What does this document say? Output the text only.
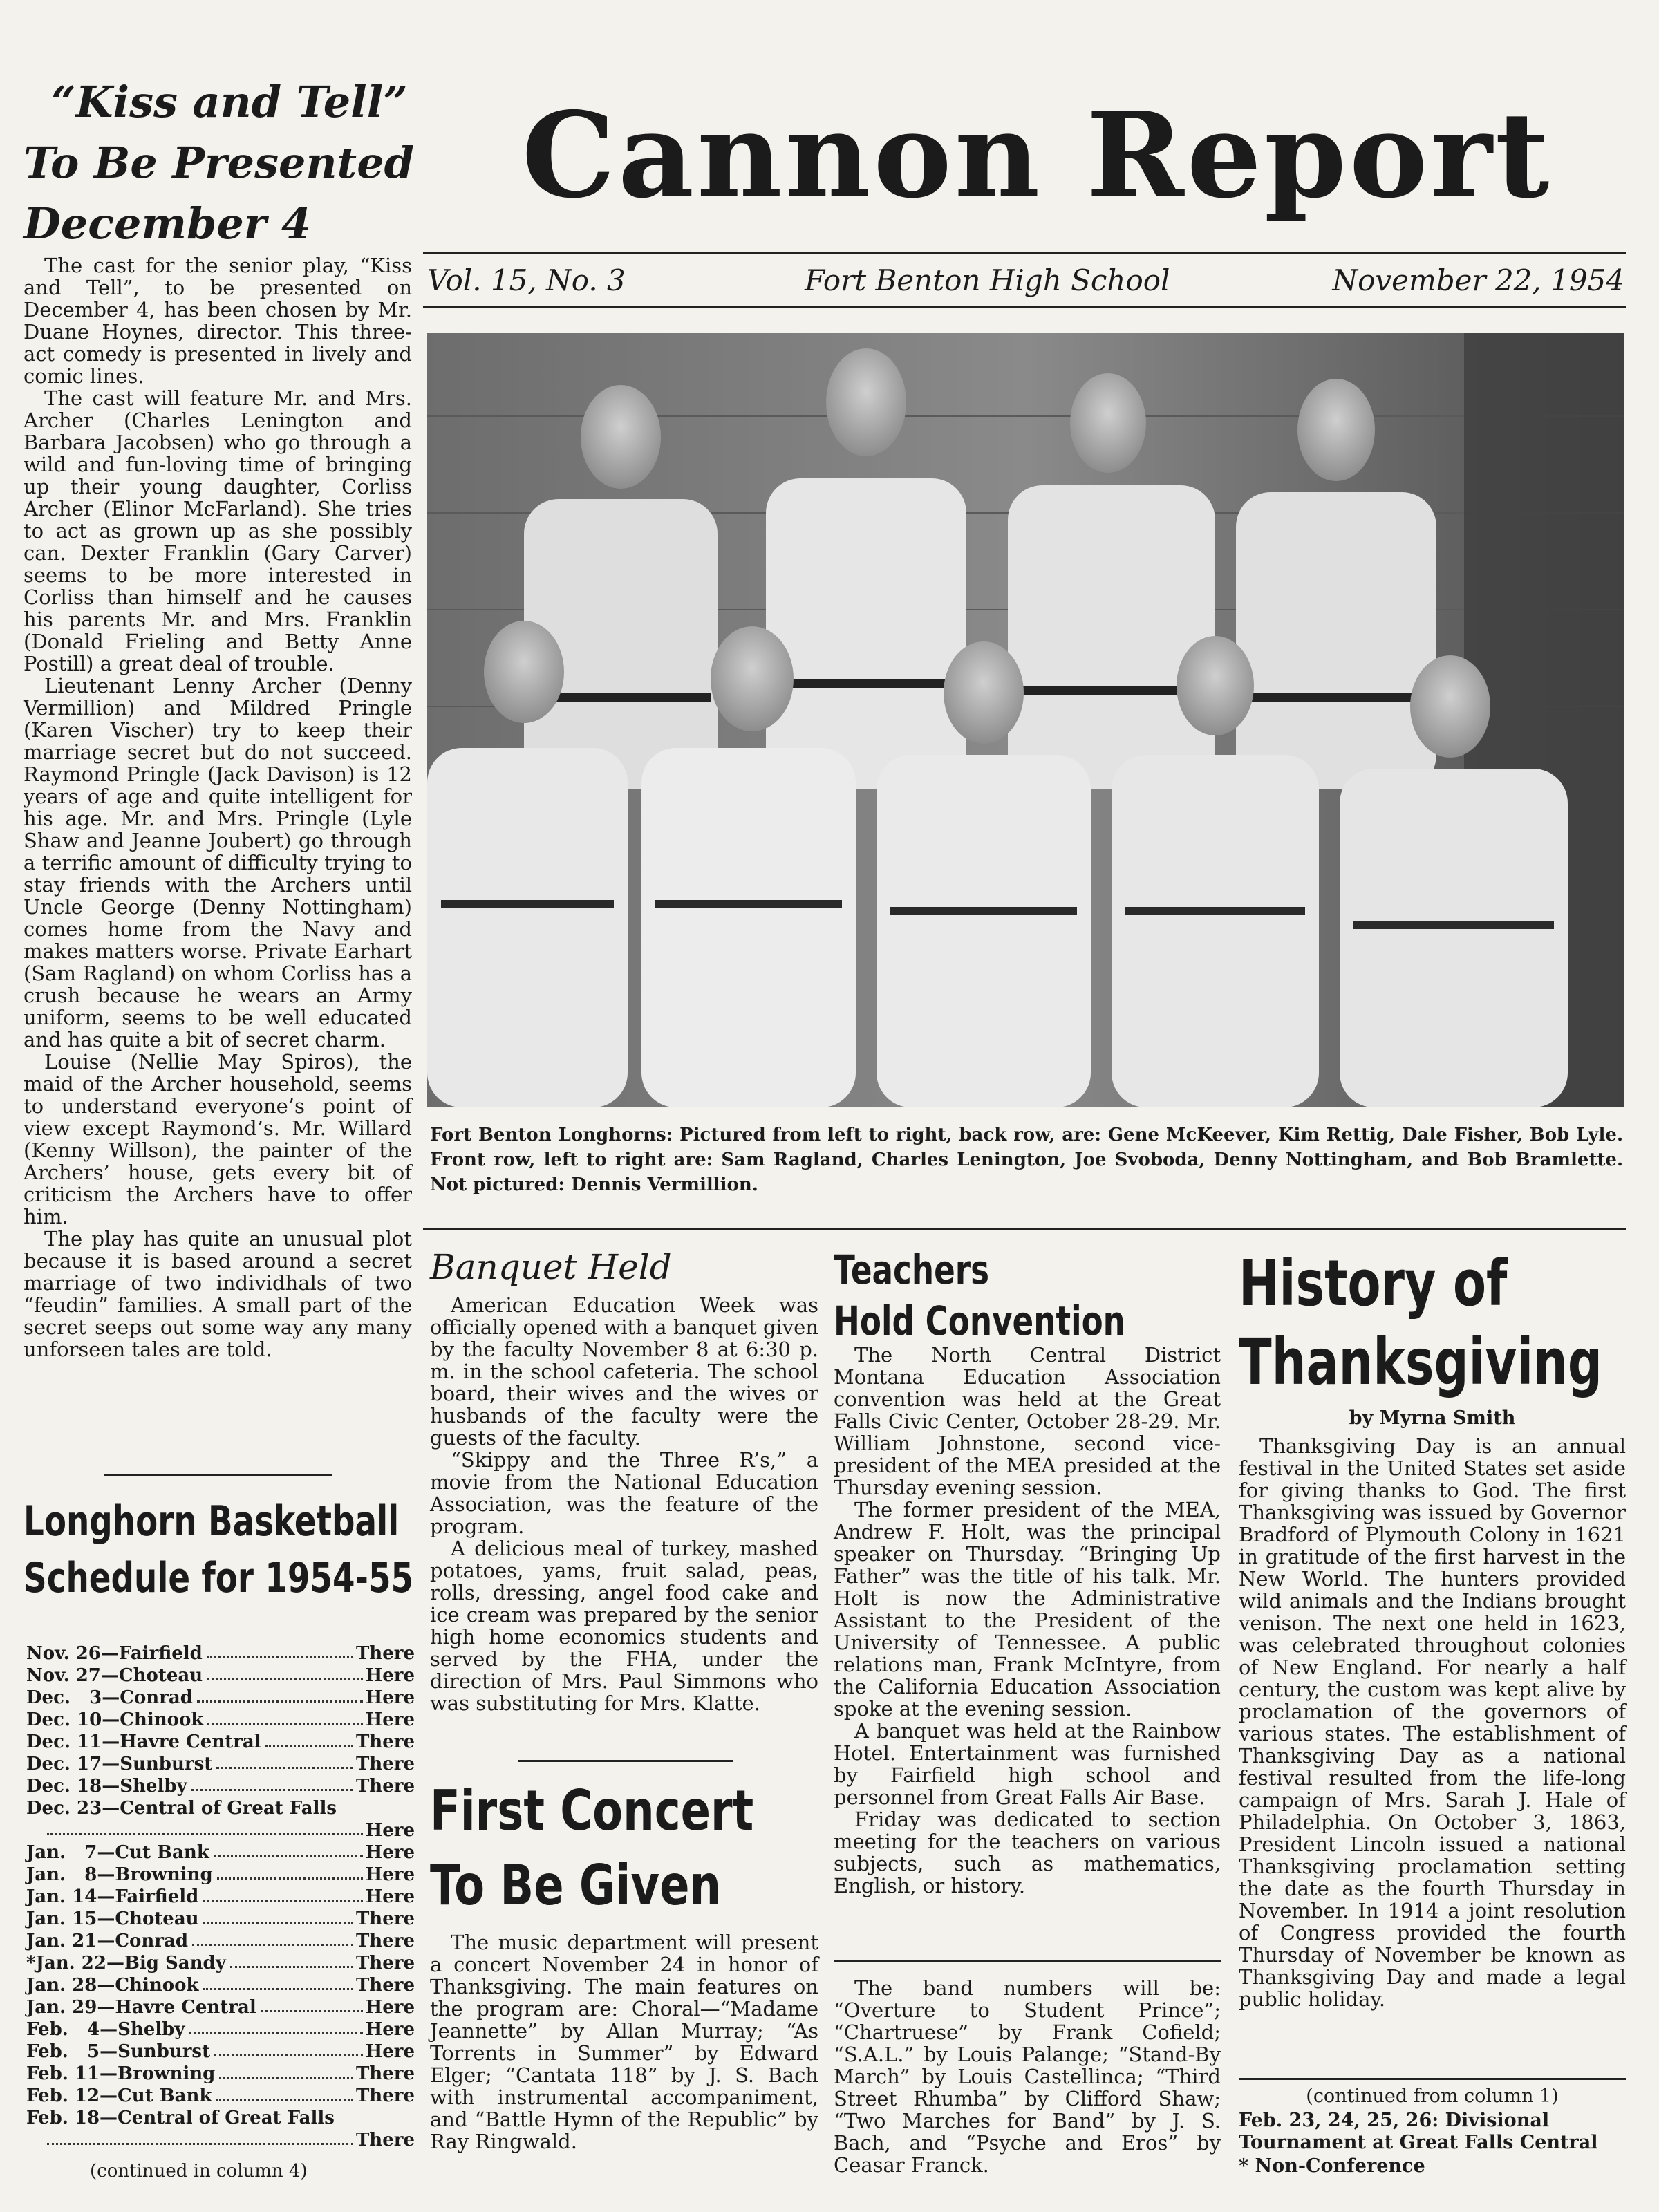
“Kiss and Tell”
To Be Presented
December 4

The cast for the senior play, “Kiss and Tell”, to be presented on December 4, has been chosen by Mr. Duane Hoynes, director. This three-act comedy is presented in lively and comic lines.

The cast will feature Mr. and Mrs. Archer (Charles Lenington and Barbara Jacobsen) who go through a wild and fun-loving time of bringing up their young daughter, Corliss Archer (Elinor McFarland). She tries to act as grown up as she possibly can. Dexter Franklin (Gary Carver) seems to be more interested in Corliss than himself and he causes his parents Mr. and Mrs. Franklin (Donald Frieling and Betty Anne Postill) a great deal of trouble.

Lieutenant Lenny Archer (Denny Vermillion) and Mildred Pringle (Karen Vischer) try to keep their marriage secret but do not succeed. Raymond Pringle (Jack Davison) is 12 years of age and quite intelligent for his age. Mr. and Mrs. Pringle (Lyle Shaw and Jeanne Joubert) go through a terrific amount of difficulty trying to stay friends with the Archers until Uncle George (Denny Nottingham) comes home from the Navy and makes matters worse. Private Earhart (Sam Ragland) on whom Corliss has a crush because he wears an Army uniform, seems to be well educated and has quite a bit of secret charm.

Louise (Nellie May Spiros), the maid of the Archer household, seems to understand everyone’s point of view except Raymond’s. Mr. Willard (Kenny Willson), the painter of the Archers’ house, gets every bit of criticism the Archers have to offer him.

The play has quite an unusual plot because it is based around a secret marriage of two individhals of two “feudin” families. A small part of the secret seeps out some way any many unforseen tales are told.

Longhorn Basketball
Schedule for 1954-55
Nov. 26 — Fairfield	There
Nov. 27 — Choteau	Here
Dec.   3 — Conrad	Here
Dec. 10 — Chinook	Here
Dec. 11 — Havre Central	There
Dec. 17 — Sunburst	There
Dec. 18 — Shelby	There
Dec. 23 — Central of Great Falls
Here
Jan.   7 — Cut Bank	Here
Jan.   8 — Browning	Here
Jan. 14 — Fairfield	Here
Jan. 15 — Choteau	There
Jan. 21 — Conrad	There
*Jan. 22 — Big Sandy	There
Jan. 28 — Chinook	There
Jan. 29 — Havre Central	Here
Feb.   4 — Shelby	Here
Feb.   5 — Sunburst	Here
Feb. 11 — Browning	There
Feb. 12 — Cut Bank	There
Feb. 18 — Central of Great Falls
There
(continued in column 4)
Cannon Report
Vol. 15, No. 3	Fort Benton High School	November 22, 1954
Fort Benton Longhorns: Pictured from left to right, back row, are: Gene McKeever, Kim Rettig, Dale Fisher, Bob Lyle. Front row, left to right are: Sam Ragland, Charles Lenington, Joe Svoboda, Denny Nottingham, and Bob Bramlette. Not pictured: Dennis Vermillion.
Banquet Held

American Education Week was officially opened with a banquet given by the faculty November 8 at 6:30 p. m. in the school cafeteria. The school board, their wives and the wives or husbands of the faculty were the guests of the faculty.

“Skippy and the Three R’s,” a movie from the National Education Association, was the feature of the program.

A delicious meal of turkey, mashed potatoes, yams, fruit salad, peas, rolls, dressing, angel food cake and ice cream was prepared by the senior high home economics students and served by the FHA, under the direction of Mrs. Paul Simmons who was substituting for Mrs. Klatte.

First Concert
To Be Given

The music department will present a concert November 24 in honor of Thanksgiving. The main features on the program are: Choral—“Madame Jeannette” by Allan Murray; “As Torrents in Summer” by Edward Elger; “Cantata 118” by J. S. Bach with instrumental accompaniment, and “Battle Hymn of the Republic” by Ray Ringwald.

Teachers
Hold Convention

The North Central District Montana Education Association convention was held at the Great Falls Civic Center, October 28-29. Mr. William Johnstone, second vice-president of the MEA presided at the Thursday evening session.

The former president of the MEA, Andrew F. Holt, was the principal speaker on Thursday. “Bringing Up Father” was the title of his talk. Mr. Holt is now the Administrative Assistant to the President of the University of Tennessee. A public relations man, Frank McIntyre, from the California Education Association spoke at the evening session.

A banquet was held at the Rainbow Hotel. Entertainment was furnished by Fairfield high school and personnel from Great Falls Air Base.

Friday was dedicated to section meeting for the teachers on various subjects, such as mathematics, English, or history.

The band numbers will be: “Overture to Student Prince”; “Chartruese” by Frank Cofield; “S.A.L.” by Louis Palange; “Stand-By March” by Louis Castellinca; “Third Street Rhumba” by Clifford Shaw; “Two Marches for Band” by J. S. Bach, and “Psyche and Eros” by Ceasar Franck.

History of
Thanksgiving
by Myrna Smith

Thanksgiving Day is an annual festival in the United States set aside for giving thanks to God. The first Thanksgiving was issued by Governor Bradford of Plymouth Colony in 1621 in gratitude of the first harvest in the New World. The hunters provided wild animals and the Indians brought venison. The next one held in 1623, was celebrated throughout colonies of New England. For nearly a half century, the custom was kept alive by proclamation of the governors of various states. The establishment of Thanksgiving Day as a national festival resulted from the life-long campaign of Mrs. Sarah J. Hale of Philadelphia. On October 3, 1863, President Lincoln issued a national Thanksgiving proclamation setting the date as the fourth Thursday in November. In 1914 a joint resolution of Congress provided the fourth Thursday of November be known as Thanksgiving Day and made a legal public holiday.

(continued from column 1)
Feb. 23, 24, 25, 26: Divisional Tournament at Great Falls Central
* Non-Conference
